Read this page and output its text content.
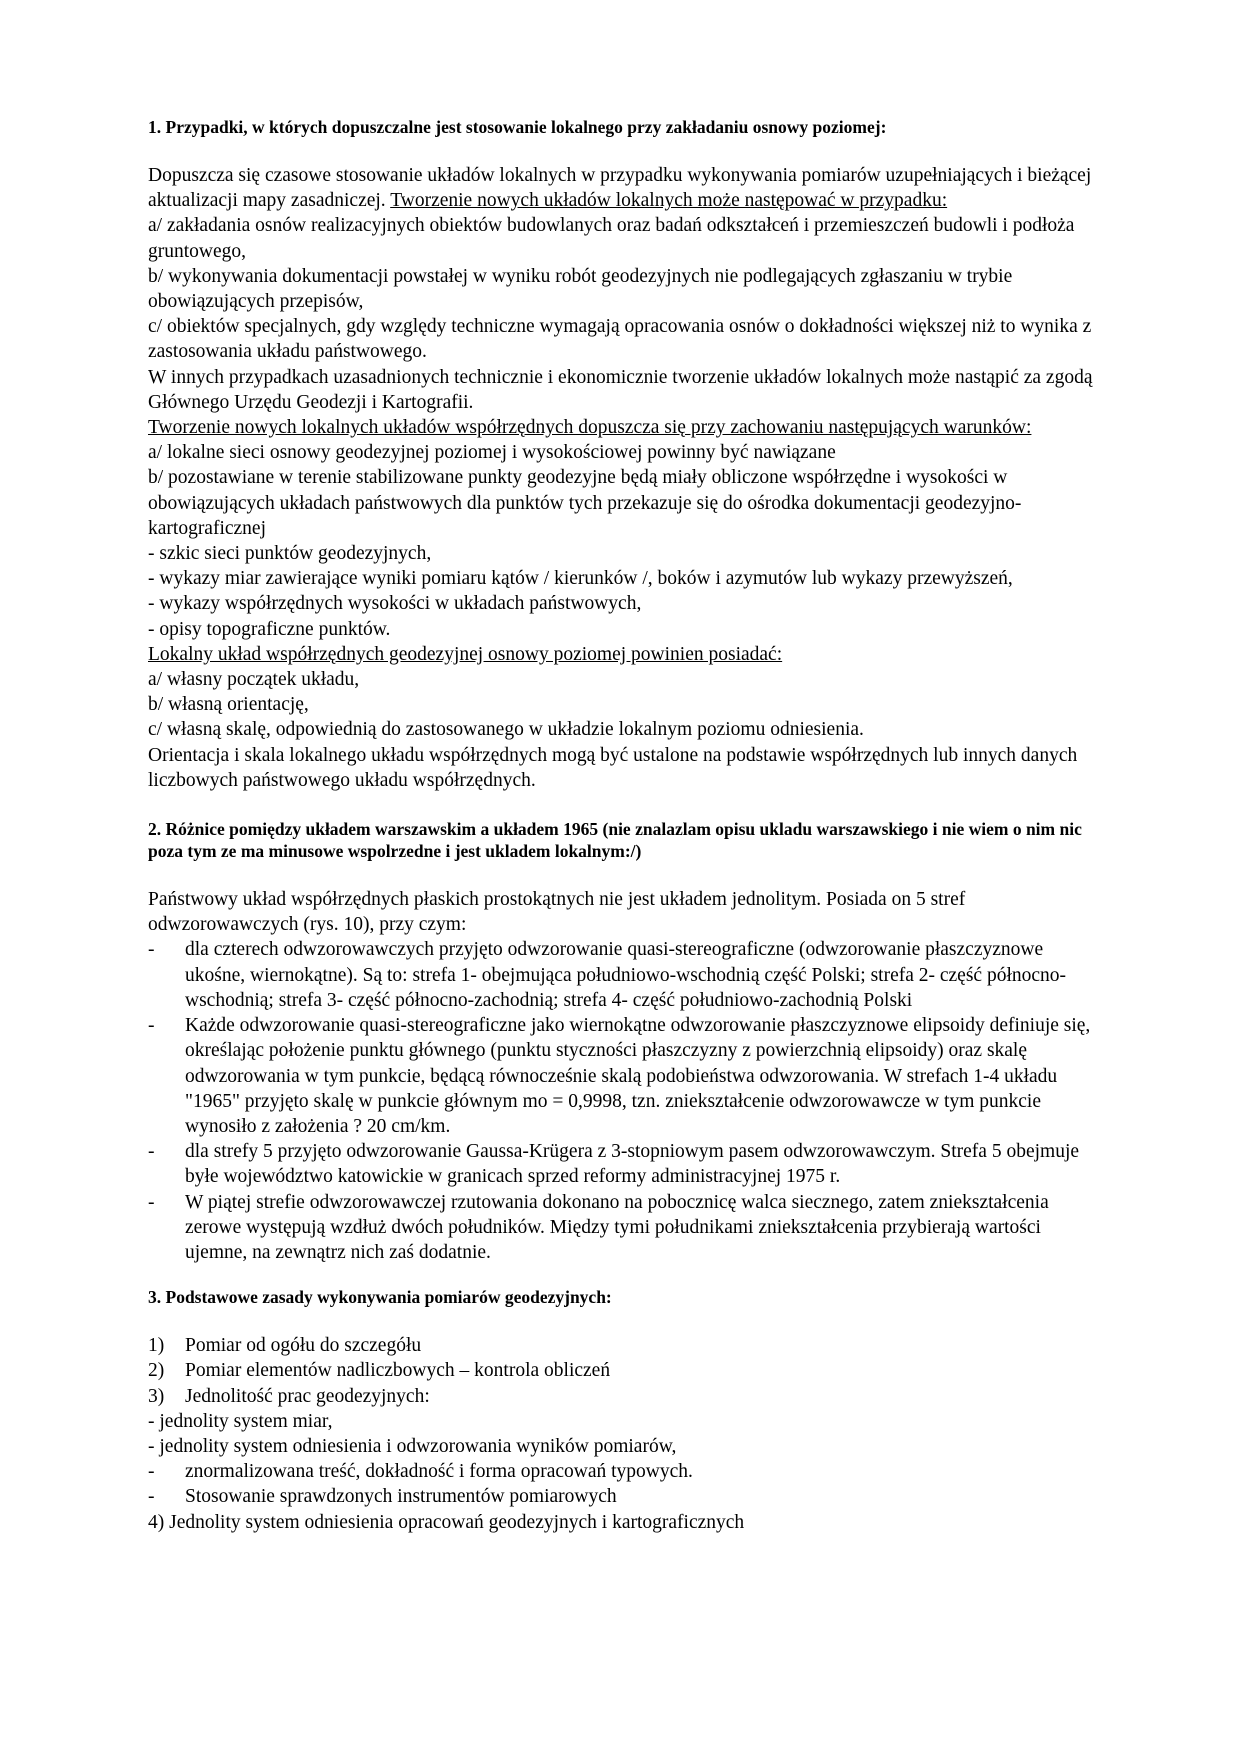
1. Przypadki, w których dopuszczalne jest stosowanie lokalnego przy zakładaniu osnowy poziomej:

Dopuszcza się czasowe stosowanie układów lokalnych w przypadku wykonywania pomiarów uzupełniających i bieżącej aktualizacji mapy zasadniczej. Tworzenie nowych układów lokalnych może następować w przypadku:

a/ zakładania osnów realizacyjnych obiektów budowlanych oraz badań odkształceń i przemieszczeń budowli i podłoża gruntowego,

b/ wykonywania dokumentacji powstałej w wyniku robót geodezyjnych nie podlegających zgłaszaniu w trybie obowiązujących przepisów,

c/ obiektów specjalnych, gdy względy techniczne wymagają opracowania osnów o dokładności większej niż to wynika z zastosowania układu państwowego.

W innych przypadkach uzasadnionych technicznie i ekonomicznie tworzenie układów lokalnych może nastąpić za zgodą Głównego Urzędu Geodezji i Kartografii.

Tworzenie nowych lokalnych układów współrzędnych dopuszcza się przy zachowaniu następujących warunków:

a/ lokalne sieci osnowy geodezyjnej poziomej i wysokościowej powinny być nawiązane

b/ pozostawiane w terenie stabilizowane punkty geodezyjne będą miały obliczone współrzędne i wysokości w obowiązujących układach państwowych dla punktów tych przekazuje się do ośrodka dokumentacji geodezyjno-kartograficznej

- szkic sieci punktów geodezyjnych,

- wykazy miar zawierające wyniki pomiaru kątów / kierunków /, boków i azymutów lub wykazy przewyższeń,

- wykazy współrzędnych wysokości w układach państwowych,

- opisy topograficzne punktów.

Lokalny układ współrzędnych geodezyjnej osnowy poziomej powinien posiadać:

a/ własny początek układu,

b/ własną orientację,

c/ własną skalę, odpowiednią do zastosowanego w układzie lokalnym poziomu odniesienia.

Orientacja i skala lokalnego układu współrzędnych mogą być ustalone na podstawie współrzędnych lub innych danych liczbowych państwowego układu współrzędnych.

2. Różnice pomiędzy układem warszawskim a układem 1965 (nie znalazlam opisu ukladu warszawskiego i nie wiem o nim nic poza tym ze ma minusowe wspolrzedne i jest ukladem lokalnym:/)

Państwowy układ współrzędnych płaskich prostokątnych nie jest układem jednolitym. Posiada on 5 stref odwzorowawczych (rys. 10), przy czym:

-	dla czterech odwzorowawczych przyjęto odwzorowanie quasi-stereograficzne (odwzorowanie płaszczyznowe ukośne, wiernokątne). Są to: strefa 1- obejmująca południowo-wschodnią część Polski; strefa 2- część północno- wschodnią; strefa 3- część północno-zachodnią; strefa 4- część południowo-zachodnią Polski
-	Każde odwzorowanie quasi-stereograficzne jako wiernokątne odwzorowanie płaszczyznowe elipsoidy definiuje się, określając położenie punktu głównego (punktu styczności płaszczyzny z powierzchnią elipsoidy) oraz skalę odwzorowania w tym punkcie, będącą równocześnie skalą podobieństwa odwzorowania. W strefach 1-4 układu "1965" przyjęto skalę w punkcie głównym mo = 0,9998, tzn. zniekształcenie odwzorowawcze w tym punkcie wynosiło z założenia ? 20 cm/km.
-	dla strefy 5 przyjęto odwzorowanie Gaussa-Krügera z 3-stopniowym pasem odwzorowawczym. Strefa 5 obejmuje byłe województwo katowickie w granicach sprzed reformy administracyjnej 1975 r.
-	W piątej strefie odwzorowawczej rzutowania dokonano na pobocznicę walca siecznego, zatem zniekształcenia zerowe występują wzdłuż dwóch południków. Między tymi południkami zniekształcenia przybierają wartości ujemne, na zewnątrz nich zaś dodatnie.

3. Podstawowe zasady wykonywania pomiarów geodezyjnych:

1)	Pomiar od ogółu do szczegółu
2)	Pomiar elementów nadliczbowych – kontrola obliczeń
3)	Jednolitość prac geodezyjnych:

- jednolity system miar,

- jednolity system odniesienia i odwzorowania wyników pomiarów,

-	znormalizowana treść, dokładność i forma opracowań typowych.
-	Stosowanie sprawdzonych instrumentów pomiarowych

4) Jednolity system odniesienia opracowań geodezyjnych i kartograficznych
